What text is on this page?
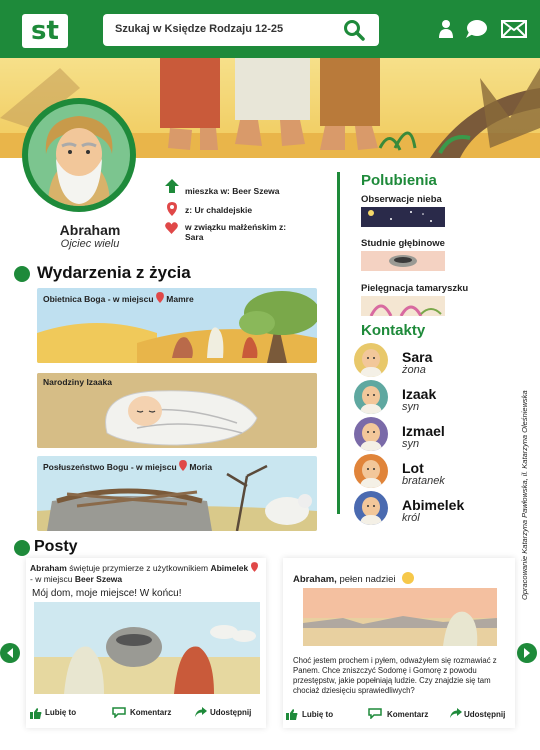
st	Szukaj w Księdze Rodzaju 12-25
Abraham
Ojciec wielu
mieszka w: Beer Szewa
z: Ur chaldejskie
w związku małżeńskim z: Sara
Wydarzenia z życia
Obietnica Boga - w miejscu Mamre
Narodziny Izaaka
Posłuszeństwo Bogu - w miejscu Moria
Polubienia
Obserwacje nieba
Studnie głębinowe
Pielęgnacja tamaryszku
Kontakty
Sara
żona
Izaak
syn
Izmael
syn
Lot
bratanek
Abimelek
król	Opracowanie Katarzyna Pawłowska, il. Katarzyna Oleśniewska
Posty
Abraham świętuje przymierze z użytkownikiem Abimelek  - w miejscu Beer Szewa
Mój dom, moje miejsce! W końcu!
Abraham, pełen nadziei
Choć jestem prochem i pyłem, odważyłem się rozmawiać z Panem. Chce zniszczyć Sodomę i Gomorę z powodu przestępstw, jakie popełniają ludzie. Czy znajdzie się tam chociaż dziesięciu sprawiedliwych?
Lubię to	Komentarz	Udostępnij	Lubię to	Komentarz	Udostępnij
